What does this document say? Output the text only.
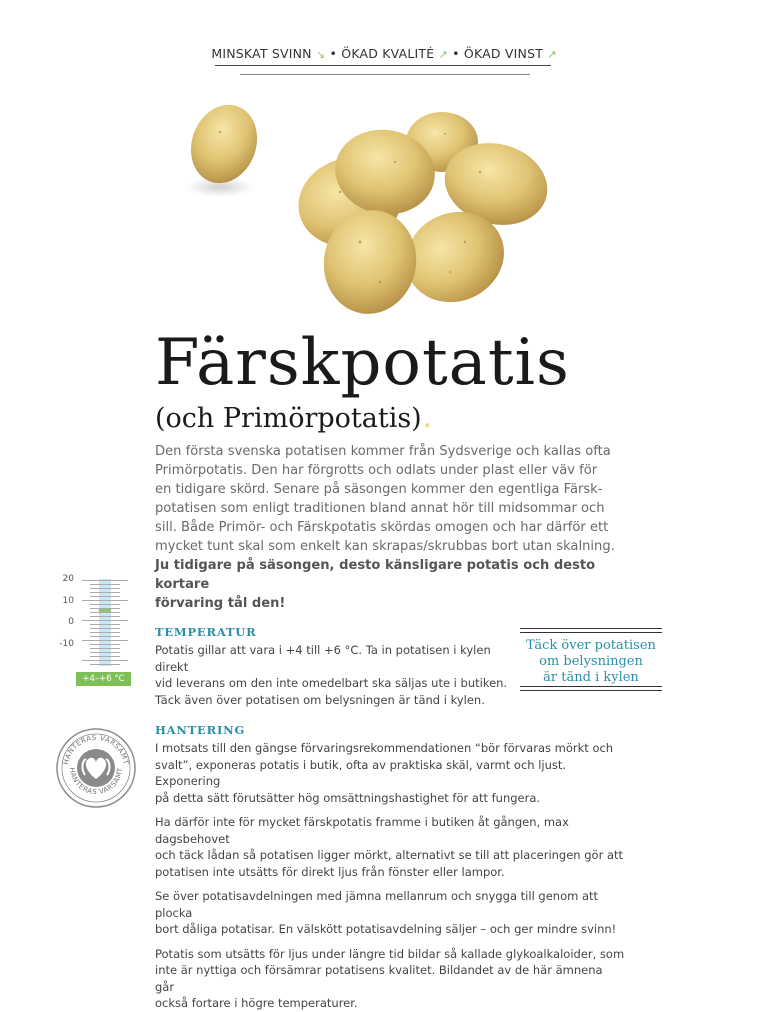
MINSKAT SVINN ↘ • ÖKAD KVALITÉ ↗ • ÖKAD VINST ↗
Färskpotatis
(och Primörpotatis).
Den första svenska potatisen kommer från Sydsverige och kallas ofta
Primörpotatis. Den har förgrotts och odlats under plast eller väv för
en tidigare skörd. Senare på säsongen kommer den egentliga Färsk-
potatisen som enligt traditionen bland annat hör till midsommar och
sill. Både Primör- och Färskpotatis skördas omogen och har därför ett
mycket tunt skal som enkelt kan skrapas/skrubbas bort utan skalning.
Ju tidigare på säsongen, desto känsligare potatis och desto kortare
förvaring tål den!
20
10
0
-10
+4–+6 °C
TEMPERATUR
Potatis gillar att vara i +4 till +6 °C. Ta in potatisen i kylen direkt
vid leverans om den inte omedelbart ska säljas ute i butiken.
Täck även över potatisen om belysningen är tänd i kylen.
Täck över potatisen
om belysningen
är tänd i kylen
HANTERAS VARSAMT
HANTERAS VARSAMT
HANTERING
I motsats till den gängse förvaringsrekommendationen “bör förvaras mörkt och
svalt”, exponeras potatis i butik, ofta av praktiska skäl, varmt och ljust. Exponering
på detta sätt förutsätter hög omsättningshastighet för att fungera.
Ha därför inte för mycket färskpotatis framme i butiken åt gången, max dagsbehovet
och täck lådan så potatisen ligger mörkt, alternativt se till att placeringen gör att
potatisen inte utsätts för direkt ljus från fönster eller lampor.
Se över potatisavdelningen med jämna mellanrum och snygga till genom att plocka
bort dåliga potatisar. En välskött potatisavdelning säljer – och ger mindre svinn!
Potatis som utsätts för ljus under längre tid bildar så kallade glykoalkaloider, som
inte är nyttiga och försämrar potatisens kvalitet. Bildandet av de här ämnena går
också fortare i högre temperaturer.
